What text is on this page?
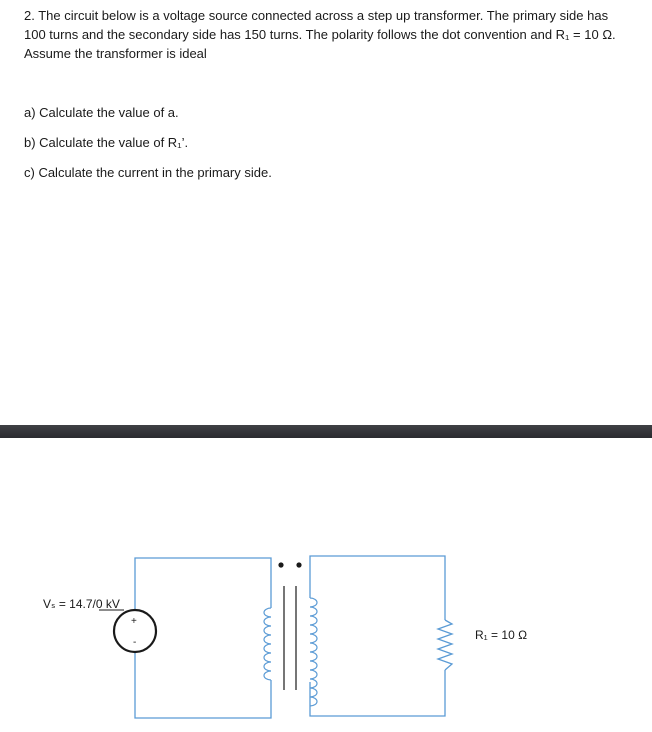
2. The circuit below is a voltage source connected across a step up transformer. The primary side has

100 turns and the secondary side has 150 turns. The polarity follows the dot convention and R₁ = 10 Ω.

Assume the transformer is ideal

a) Calculate the value of a.
b) Calculate the value of R₁’.
c) Calculate the current in the primary side.
+
-
Vₛ = 14.7/0 kV
R₁ = 10 Ω
